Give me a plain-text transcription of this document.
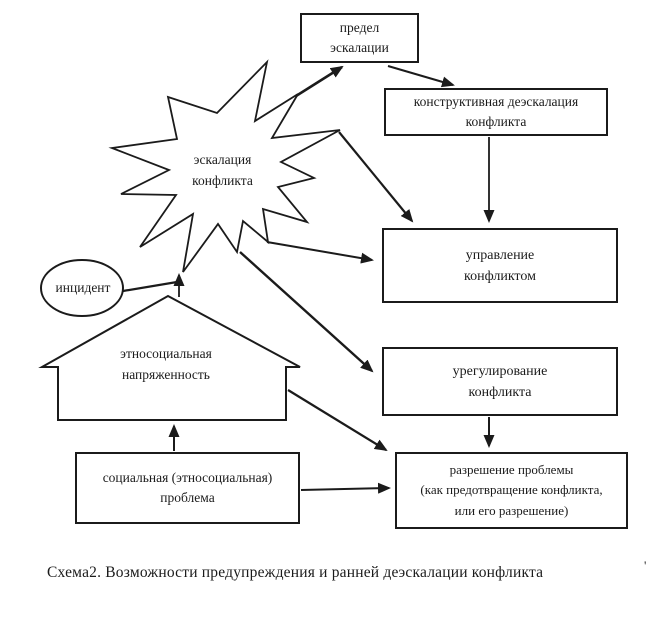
предел
эскалации
конструктивная деэскалация
конфликта
управление
конфликтом
урегулирование
конфликта
социальная (этносоциальная)
проблема
разрешение проблемы
(как предотвращение конфликта,
или его разрешение)
эскалация
конфликта
инцидент
этносоциальная
напряженность
Схема2. Возможности предупреждения и ранней деэскалации конфликта	'
